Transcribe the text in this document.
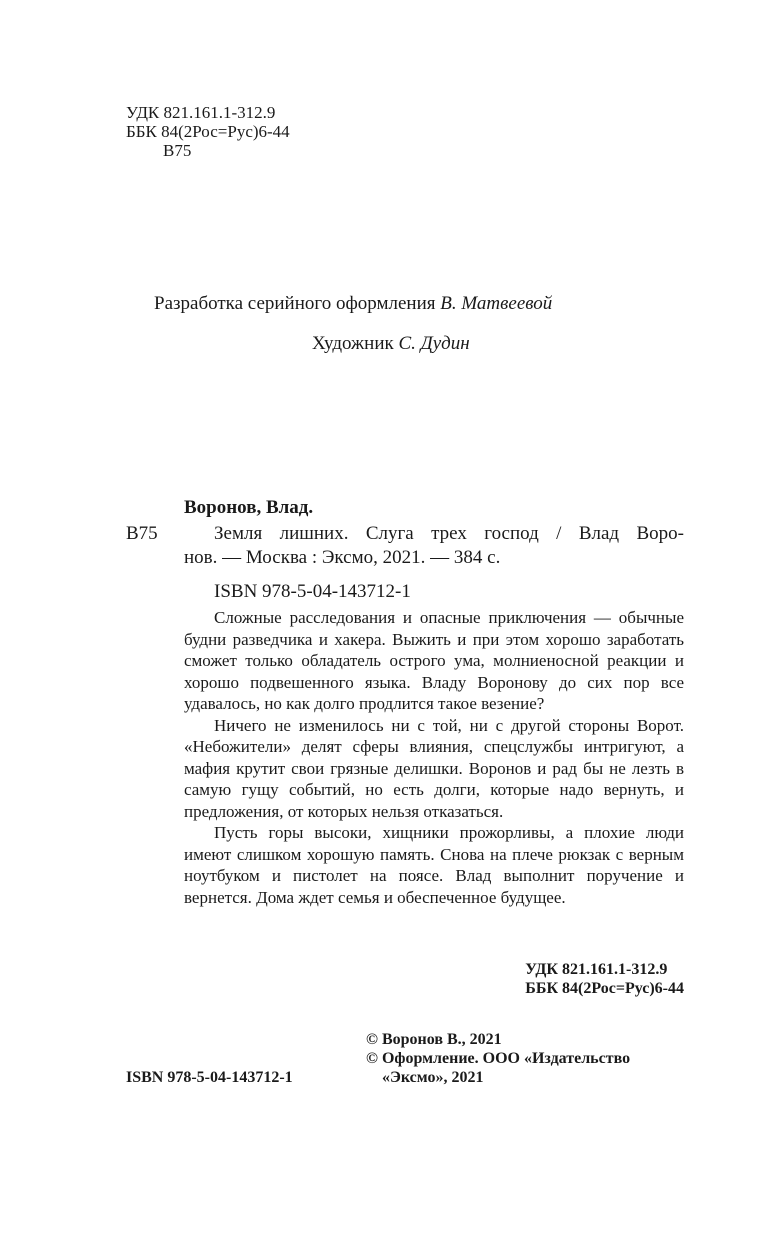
УДК 821.161.1-312.9
ББК 84(2Рос=Рус)6-44
В75
Разработка серийного оформления В. Матвеевой
Художник С. Дудин
Воронов, Влад.
В75	Земля лишних. Слуга трех господ / Влад Воро-
нов. — Москва : Эксмо, 2021. — 384 с.
ISBN 978-5-04-143712-1

Сложные расследования и опасные приключения — обычные будни разведчика и хакера. Выжить и при этом хорошо заработать сможет только обладатель острого ума, молниеносной реакции и хорошо подвешенного языка. Владу Воронову до сих пор все удавалось, но как долго продлится такое везение?

Ничего не изменилось ни с той, ни с другой стороны Ворот. «Небожители» делят сферы влияния, спецслужбы интригуют, а мафия крутит свои грязные делишки. Воронов и рад бы не лезть в самую гущу событий, но есть долги, которые надо вернуть, и предложения, от которых нельзя отказаться.

Пусть горы высоки, хищники прожорливы, а плохие люди имеют слишком хорошую память. Снова на плече рюкзак с верным ноутбуком и пистолет на поясе. Влад выполнит поручение и вернется. Дома ждет семья и обеспеченное будущее.

УДК 821.161.1-312.9
ББК 84(2Рос=Рус)6-44
© Воронов В., 2021
© Оформление. ООО «Издательство
«Эксмо», 2021
ISBN 978-5-04-143712-1
